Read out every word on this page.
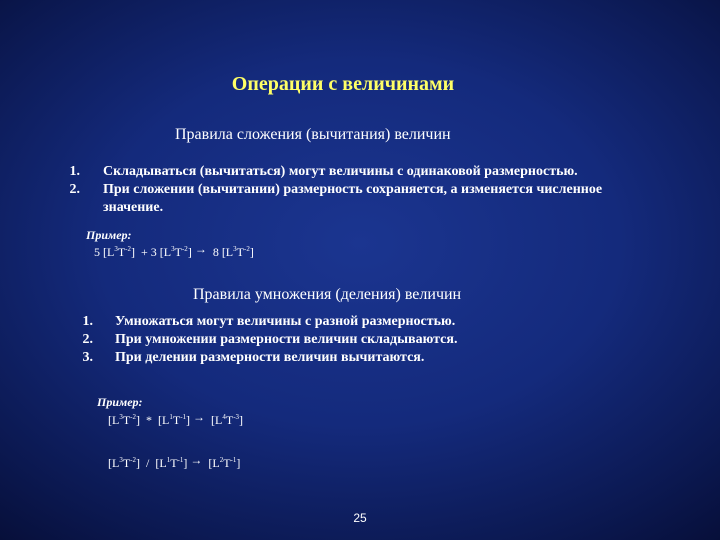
Операции с величинами
Правила сложения (вычитания) величин
1. Складываться (вычитаться) могут величины с одинаковой размерностью.
2. При сложении (вычитании) размерность сохраняется, а изменяется численное
значение.
Пример:
5 $[L^3T^{-2}] + 3$ $[L^3T^{-2}] \to 8$ $[L^3T^{-2}]$
Правила умножения (деления) величин
1. Умножаться могут величины с разной размерностью.
2. При умножении размерности величин складываются.
3. При делении размерности величин вычитаются.
Пример:
$[L^3T^{-2}] * [L^1T^{-1}] \to [L^4T^{-3}]$
$[L^3T^{-2}] / [L^1T^{-1}] \to [L^2T^{-1}]$
25
